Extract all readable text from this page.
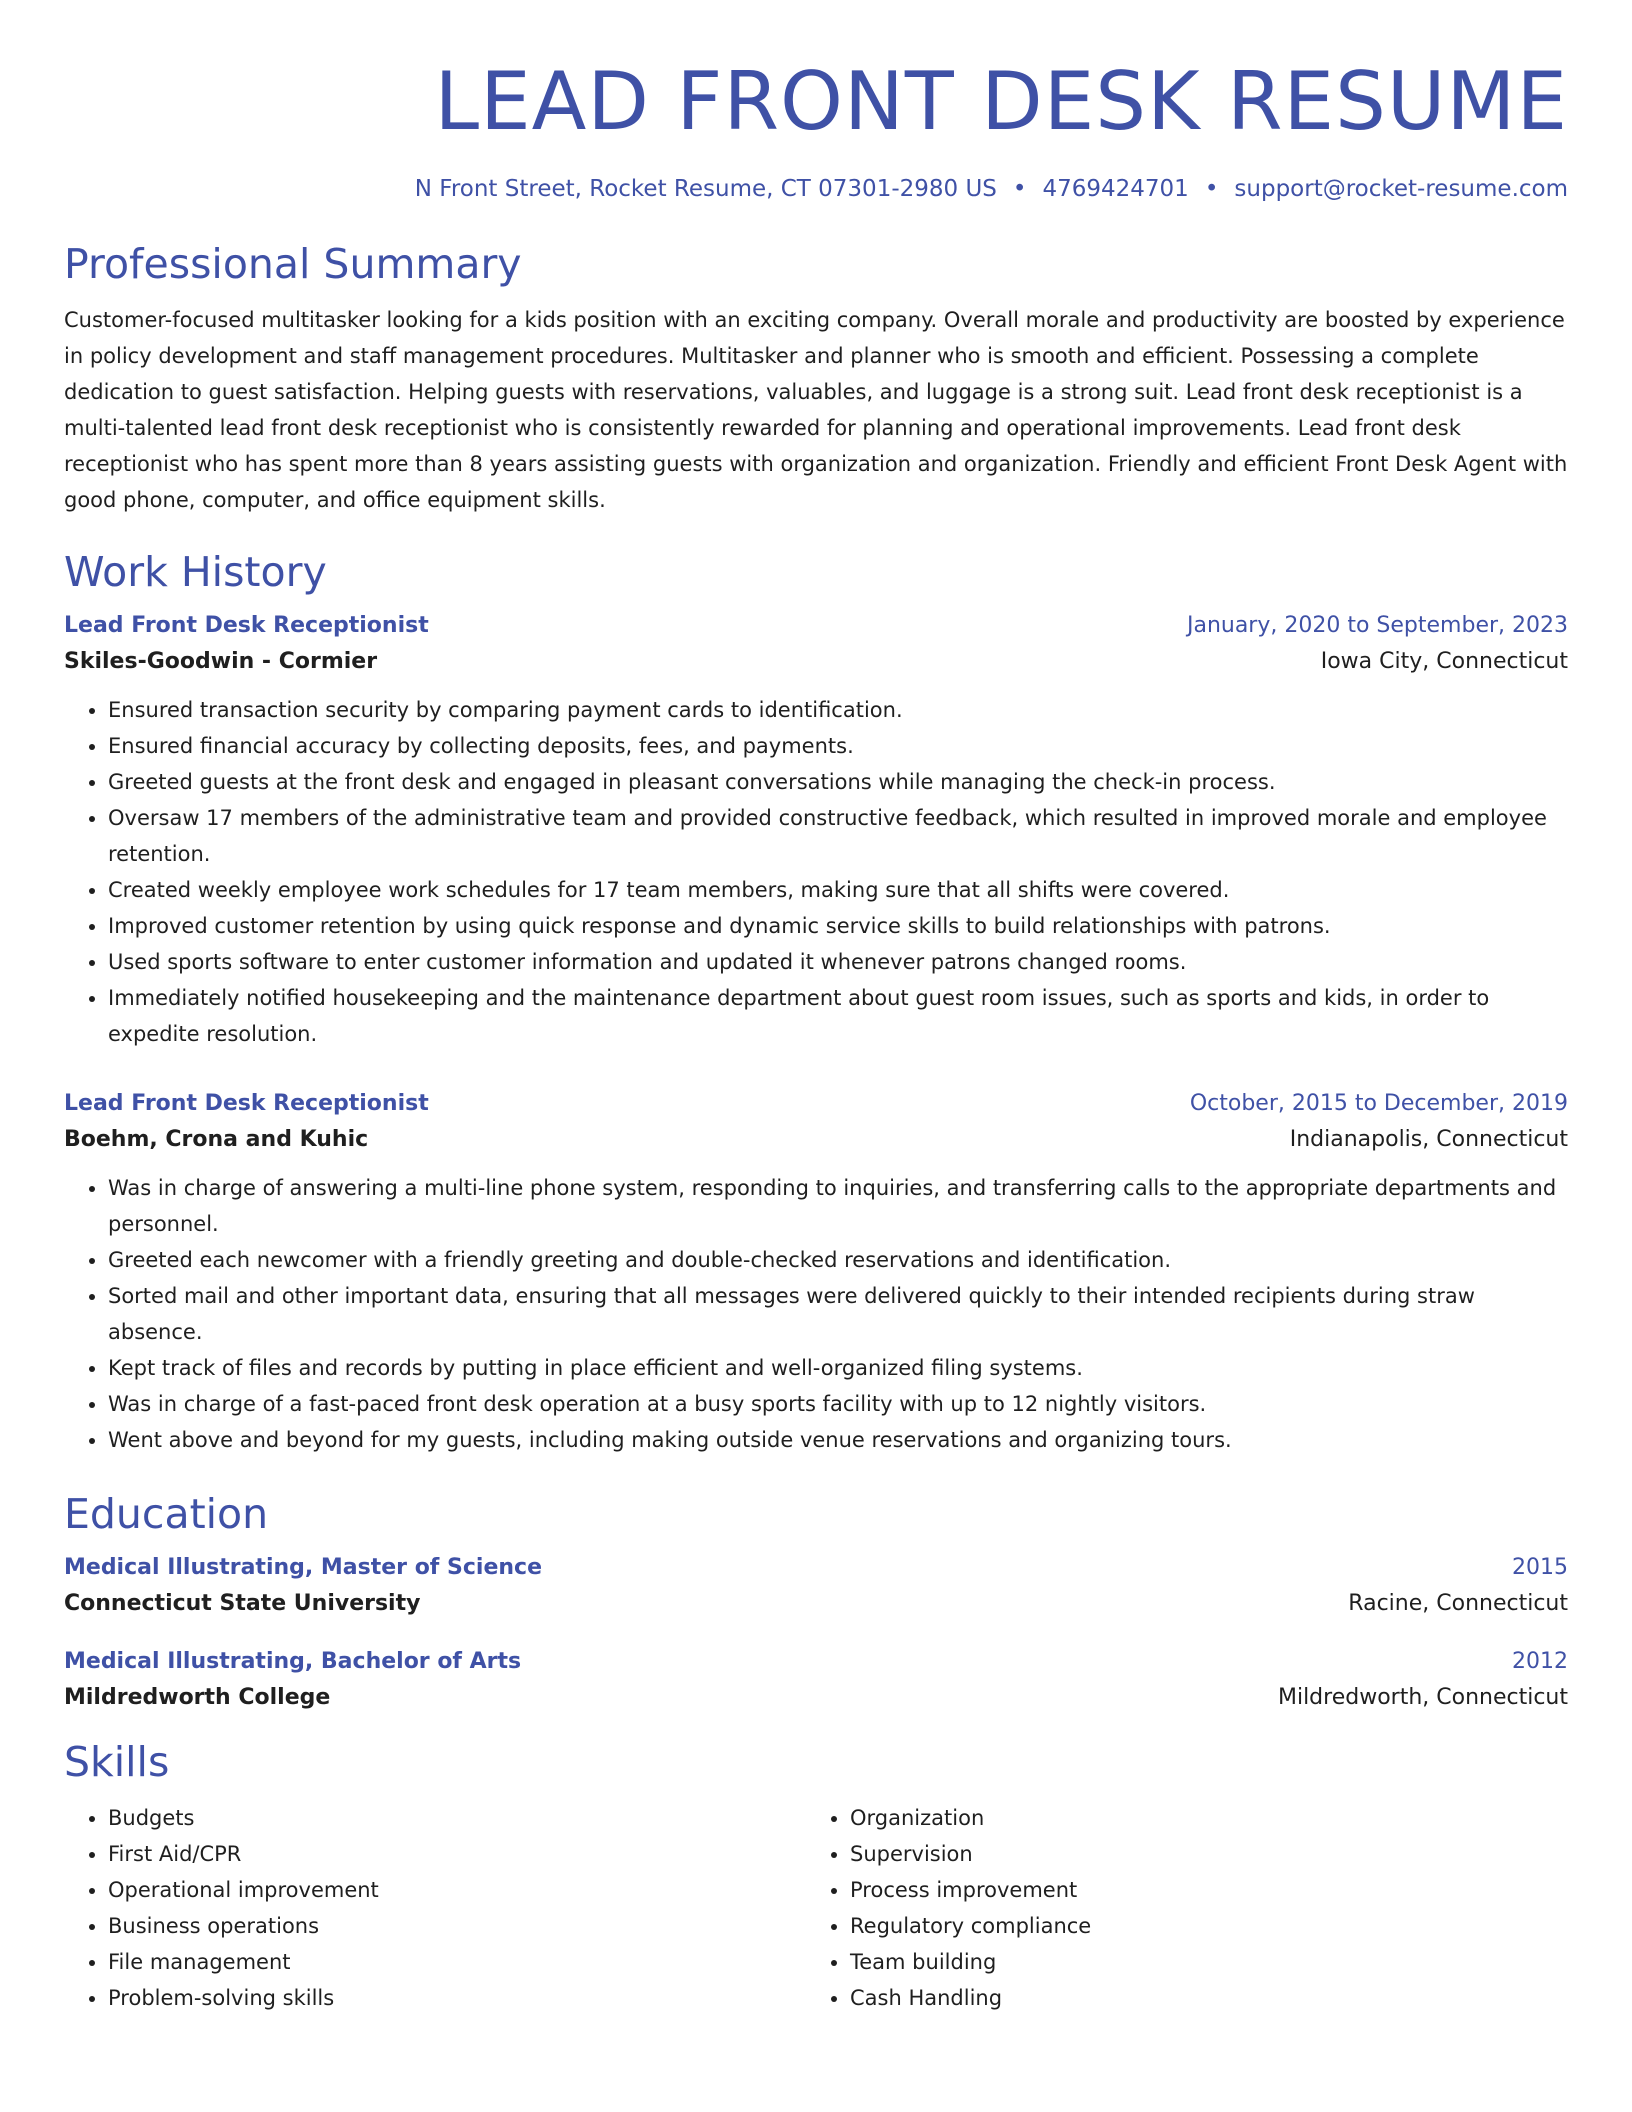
LEAD FRONT DESK RESUME
N Front Street, Rocket Resume, CT 07301-2980 US • 4769424701 • support@rocket-resume.com
Professional Summary
Customer-focused multitasker looking for a kids position with an exciting company. Overall morale and productivity are boosted by experience in policy development and staff management procedures. Multitasker and planner who is smooth and efficient. Possessing a complete dedication to guest satisfaction. Helping guests with reservations, valuables, and luggage is a strong suit. Lead front desk receptionist is a multi-talented lead front desk receptionist who is consistently rewarded for planning and operational improvements. Lead front desk receptionist who has spent more than 8 years assisting guests with organization and organization. Friendly and efficient Front Desk Agent with good phone, computer, and office equipment skills.
Work History
Lead Front Desk Receptionist	January, 2020 to September, 2023
Skiles-Goodwin - Cormier	Iowa City, Connecticut
• Ensured transaction security by comparing payment cards to identification.
• Ensured financial accuracy by collecting deposits, fees, and payments.
• Greeted guests at the front desk and engaged in pleasant conversations while managing the check-in process.
• Oversaw 17 members of the administrative team and provided constructive feedback, which resulted in improved morale and employee retention.
• Created weekly employee work schedules for 17 team members, making sure that all shifts were covered.
• Improved customer retention by using quick response and dynamic service skills to build relationships with patrons.
• Used sports software to enter customer information and updated it whenever patrons changed rooms.
• Immediately notified housekeeping and the maintenance department about guest room issues, such as sports and kids, in order to expedite resolution.
Lead Front Desk Receptionist	October, 2015 to December, 2019
Boehm, Crona and Kuhic	Indianapolis, Connecticut
• Was in charge of answering a multi-line phone system, responding to inquiries, and transferring calls to the appropriate departments and personnel.
• Greeted each newcomer with a friendly greeting and double-checked reservations and identification.
• Sorted mail and other important data, ensuring that all messages were delivered quickly to their intended recipients during straw absence.
• Kept track of files and records by putting in place efficient and well-organized filing systems.
• Was in charge of a fast-paced front desk operation at a busy sports facility with up to 12 nightly visitors.
• Went above and beyond for my guests, including making outside venue reservations and organizing tours.
Education
Medical Illustrating, Master of Science	2015
Connecticut State University	Racine, Connecticut
Medical Illustrating, Bachelor of Arts	2012
Mildredworth College	Mildredworth, Connecticut
Skills
• Budgets
• First Aid/CPR
• Operational improvement
• Business operations
• File management
• Problem-solving skills
• Organization
• Supervision
• Process improvement
• Regulatory compliance
• Team building
• Cash Handling
